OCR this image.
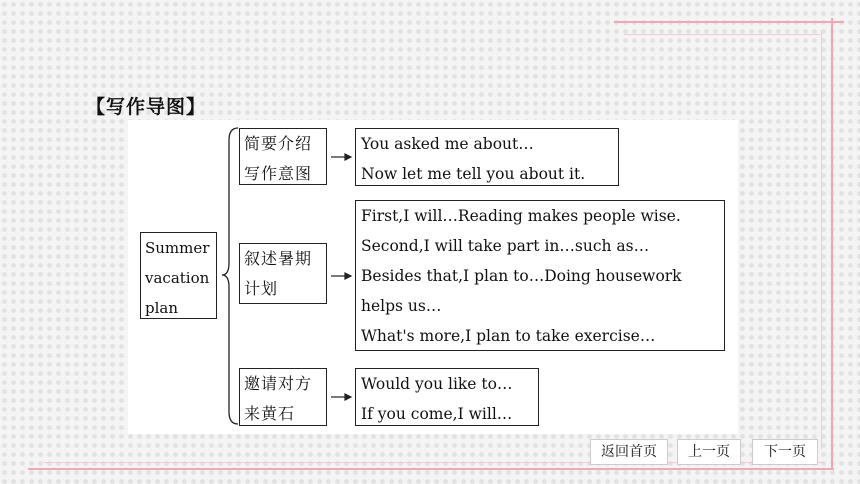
【写作导图】
Summer
vacation
plan
简要介绍
写作意图
You asked me about…
Now let me tell you about it.
叙述暑期
计划
First,I will…Reading makes people wise.
Second,I will take part in…such as…
Besides that,I plan to…Doing housework
helps us…
What's more,I plan to take exercise…
邀请对方
来黄石
Would you like to…
If you come,I will…
返回首页	上一页	下一页
